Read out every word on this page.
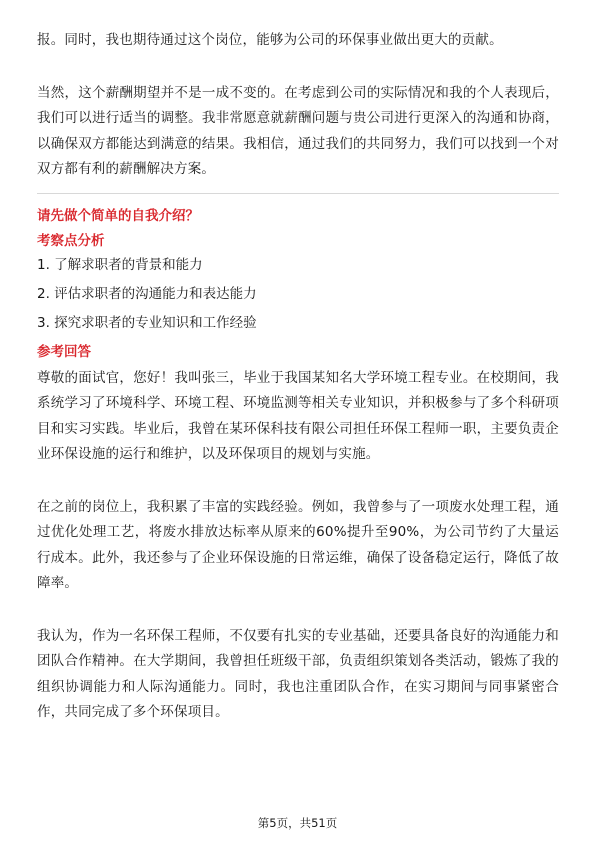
报。同时，我也期待通过这个岗位，能够为公司的环保事业做出更大的贡献。

当然，这个薪酬期望并不是一成不变的。在考虑到公司的实际情况和我的个人表现后，我们可以进行适当的调整。我非常愿意就薪酬问题与贵公司进行更深入的沟通和协商，以确保双方都能达到满意的结果。我相信，通过我们的共同努力，我们可以找到一个对双方都有利的薪酬解决方案。

请先做个简单的自我介绍？

考察点分析

1. 了解求职者的背景和能力

2. 评估求职者的沟通能力和表达能力

3. 探究求职者的专业知识和工作经验

参考回答

尊敬的面试官，您好！我叫张三，毕业于我国某知名大学环境工程专业。在校期间，我系统学习了环境科学、环境工程、环境监测等相关专业知识，并积极参与了多个科研项目和实习实践。毕业后，我曾在某环保科技有限公司担任环保工程师一职，主要负责企业环保设施的运行和维护，以及环保项目的规划与实施。

在之前的岗位上，我积累了丰富的实践经验。例如，我曾参与了一项废水处理工程，通过优化处理工艺，将废水排放达标率从原来的60%提升至90%，为公司节约了大量运行成本。此外，我还参与了企业环保设施的日常运维，确保了设备稳定运行，降低了故障率。

我认为，作为一名环保工程师，不仅要有扎实的专业基础，还要具备良好的沟通能力和团队合作精神。在大学期间，我曾担任班级干部，负责组织策划各类活动，锻炼了我的组织协调能力和人际沟通能力。同时，我也注重团队合作，在实习期间与同事紧密合作，共同完成了多个环保项目。

第5页，共51页
